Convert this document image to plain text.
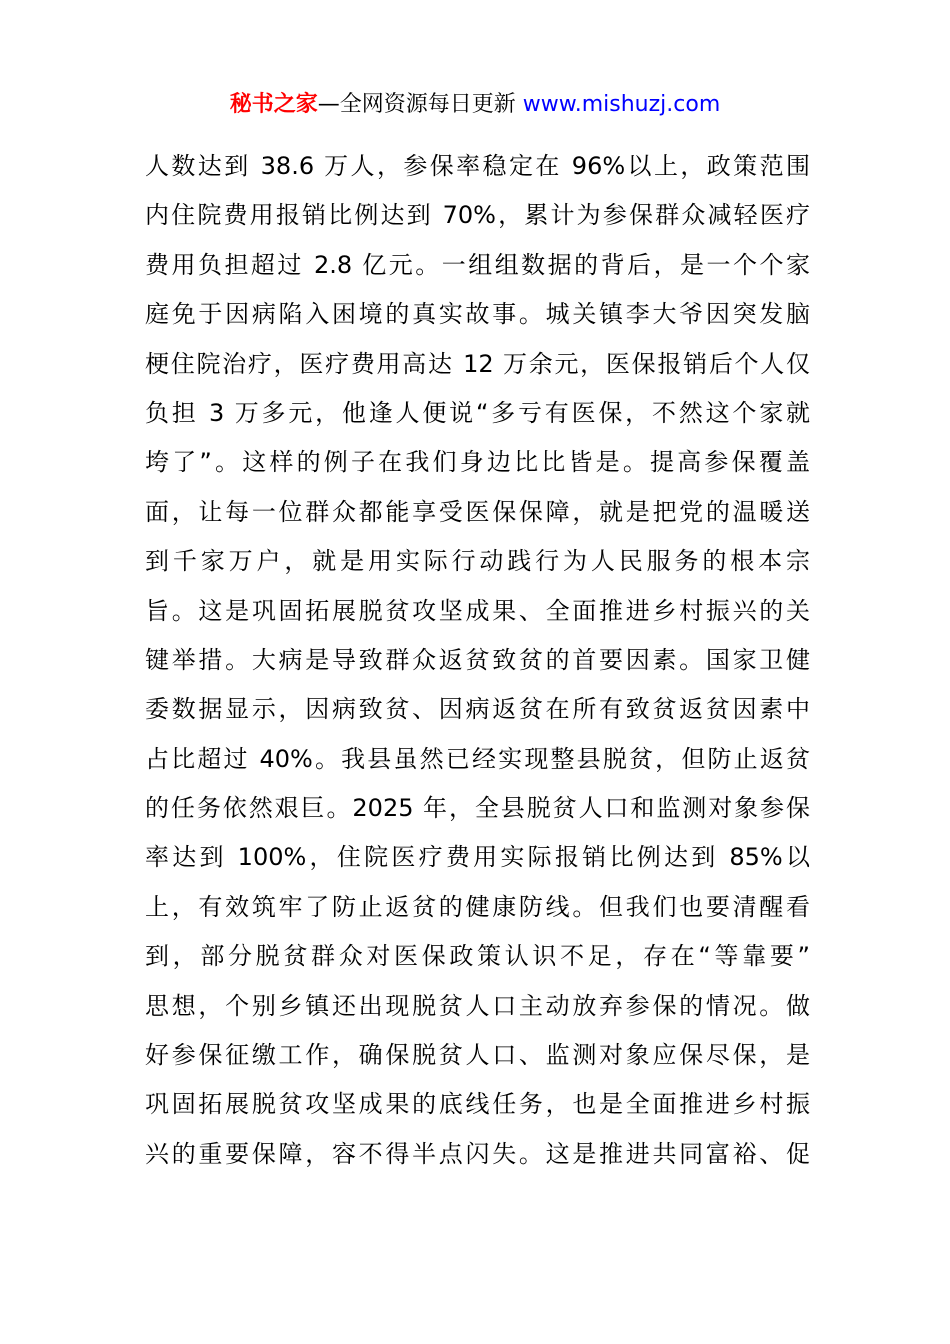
秘书之家—全网资源每日更新 www.mishuzj.com
人数达到 38.6 万人，参保率稳定在 96%以上，政策范围
内住院费用报销比例达到 70%，累计为参保群众减轻医疗
费用负担超过 2.8 亿元。一组组数据的背后，是一个个家
庭免于因病陷入困境的真实故事。城关镇李大爷因突发脑
梗住院治疗，医疗费用高达 12 万余元，医保报销后个人仅
负担 3 万多元，他逢人便说“多亏有医保，不然这个家就
垮了”。这样的例子在我们身边比比皆是。提高参保覆盖
面，让每一位群众都能享受医保保障，就是把党的温暖送
到千家万户，就是用实际行动践行为人民服务的根本宗
旨。这是巩固拓展脱贫攻坚成果、全面推进乡村振兴的关
键举措。大病是导致群众返贫致贫的首要因素。国家卫健
委数据显示，因病致贫、因病返贫在所有致贫返贫因素中
占比超过 40%。我县虽然已经实现整县脱贫，但防止返贫
的任务依然艰巨。2025 年，全县脱贫人口和监测对象参保
率达到 100%，住院医疗费用实际报销比例达到 85%以
上，有效筑牢了防止返贫的健康防线。但我们也要清醒看
到，部分脱贫群众对医保政策认识不足，存在“等靠要”
思想，个别乡镇还出现脱贫人口主动放弃参保的情况。做
好参保征缴工作，确保脱贫人口、监测对象应保尽保，是
巩固拓展脱贫攻坚成果的底线任务，也是全面推进乡村振
兴的重要保障，容不得半点闪失。这是推进共同富裕、促
